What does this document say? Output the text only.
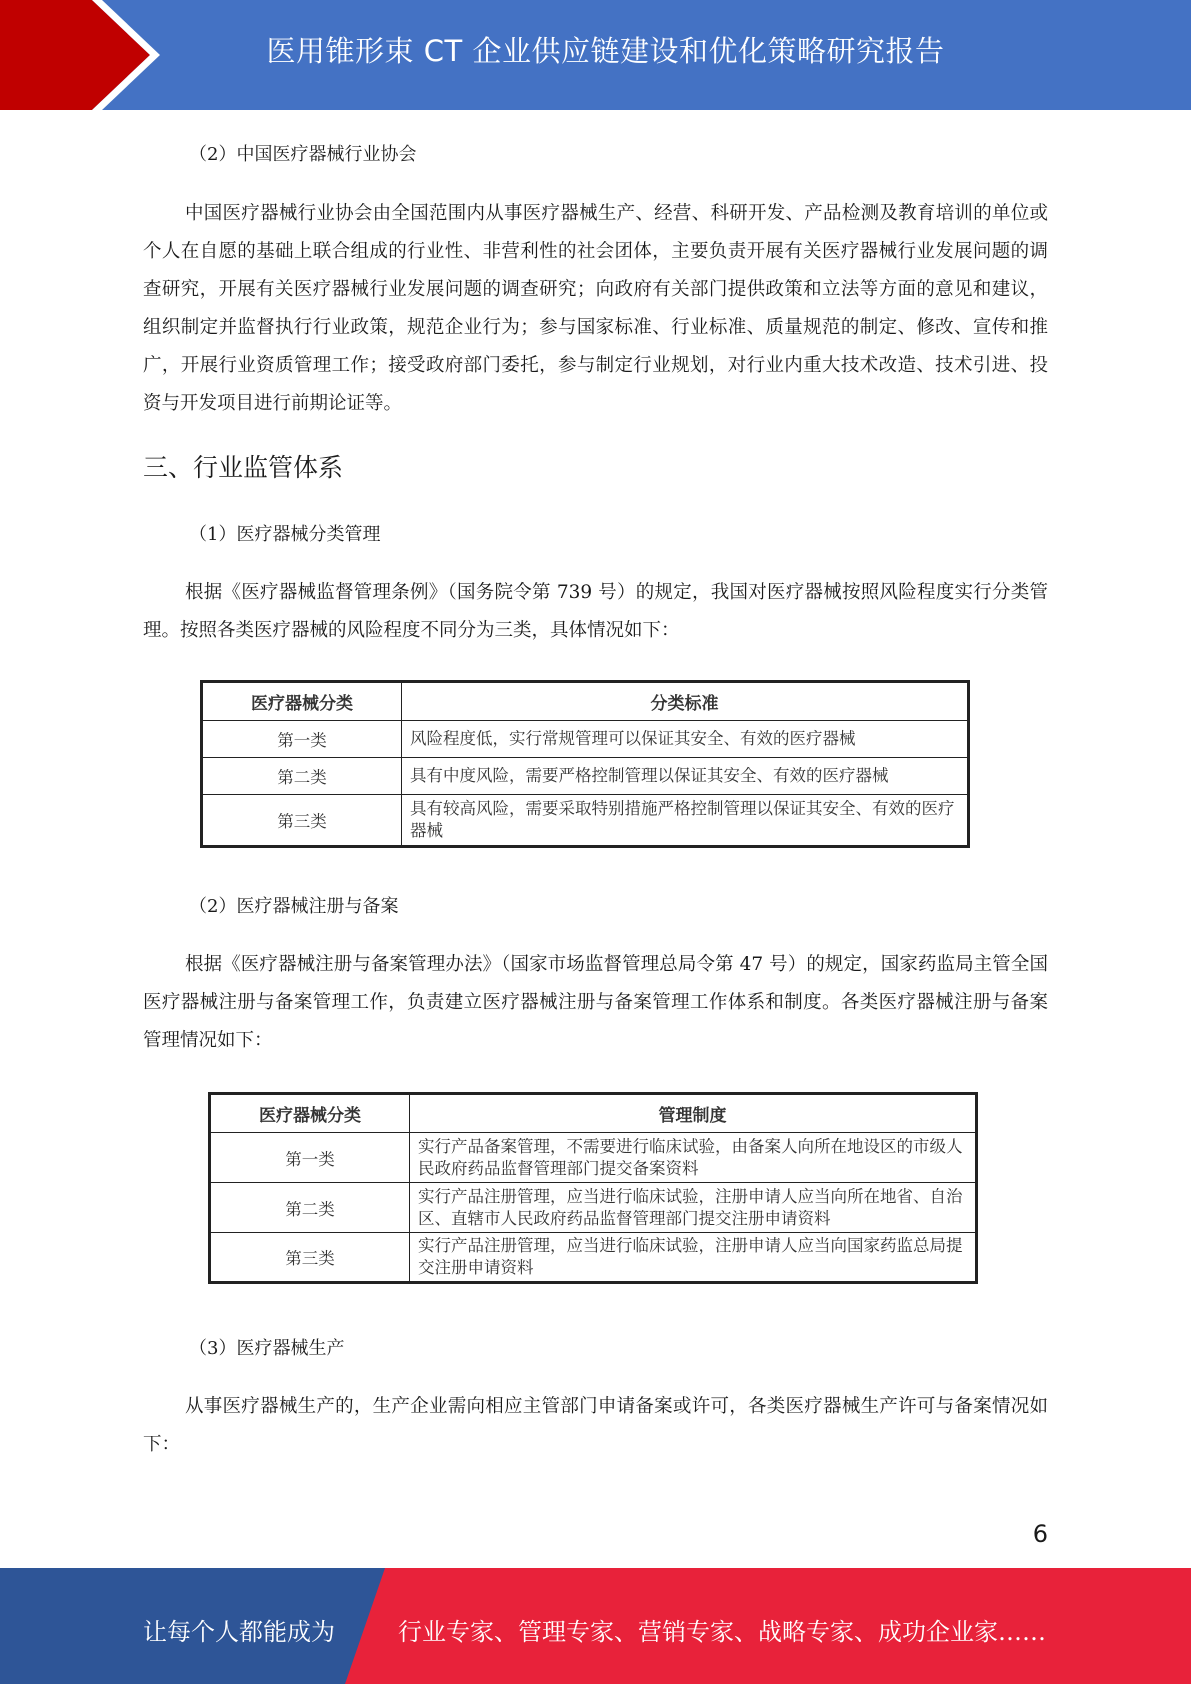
医用锥形束 CT 企业供应链建设和优化策略研究报告
（2）中国医疗器械行业协会

中国医疗器械行业协会由全国范围内从事医疗器械生产、经营、科研开发、产品检测及教育培训的单位或个人在自愿的基础上联合组成的行业性、非营利性的社会团体，主要负责开展有关医疗器械行业发展问题的调查研究，开展有关医疗器械行业发展问题的调查研究；向政府有关部门提供政策和立法等方面的意见和建议，组织制定并监督执行行业政策，规范企业行为；参与国家标准、行业标准、质量规范的制定、修改、宣传和推广，开展行业资质管理工作；接受政府部门委托，参与制定行业规划，对行业内重大技术改造、技术引进、投资与开发项目进行前期论证等。

三、行业监管体系
（1）医疗器械分类管理

根据《医疗器械监督管理条例》（国务院令第 739 号）的规定，我国对医疗器械按照风险程度实行分类管理。按照各类医疗器械的风险程度不同分为三类，具体情况如下：

医疗器械分类	分类标准
第一类	风险程度低，实行常规管理可以保证其安全、有效的医疗器械
第二类	具有中度风险，需要严格控制管理以保证其安全、有效的医疗器械
第三类	具有较高风险，需要采取特别措施严格控制管理以保证其安全、有效的医疗器械
（2）医疗器械注册与备案

根据《医疗器械注册与备案管理办法》（国家市场监督管理总局令第 47 号）的规定，国家药监局主管全国医疗器械注册与备案管理工作，负责建立医疗器械注册与备案管理工作体系和制度。各类医疗器械注册与备案管理情况如下：

医疗器械分类	管理制度
第一类	实行产品备案管理，不需要进行临床试验，由备案人向所在地设区的市级人民政府药品监督管理部门提交备案资料
第二类	实行产品注册管理，应当进行临床试验，注册申请人应当向所在地省、自治区、直辖市人民政府药品监督管理部门提交注册申请资料
第三类	实行产品注册管理，应当进行临床试验，注册申请人应当向国家药监总局提交注册申请资料
（3）医疗器械生产

从事医疗器械生产的，生产企业需向相应主管部门申请备案或许可，各类医疗器械生产许可与备案情况如下：

6
让每个人都能成为	行业专家、管理专家、营销专家、战略专家、成功企业家……
